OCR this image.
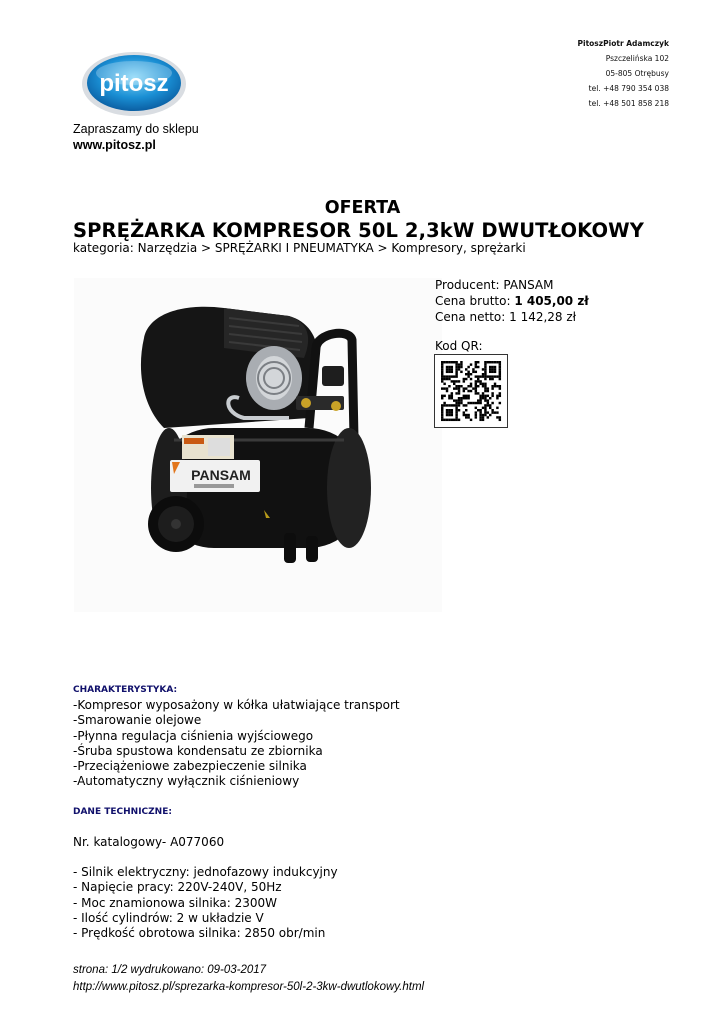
pitosz
PitoszPiotr Adamczyk
Pszczelińska 102
05-805 Otrębusy
tel. +48 790 354 038
tel. +48 501 858 218
Zapraszamy do sklepu
www.pitosz.pl
OFERTA
SPRĘŻARKA KOMPRESOR 50L 2,3kW DWUTŁOKOWY
kategoria: Narzędzia > SPRĘŻARKI I PNEUMATYKA > Kompresory, sprężarki
PANSAM
Producent: PANSAM
Cena brutto: 1 405,00 zł
Cena netto: 1 142,28 zł
Kod QR:
CHARAKTERYSTYKA:
-Kompresor wyposażony w kółka ułatwiające transport
-Smarowanie olejowe
-Płynna regulacja ciśnienia wyjściowego
-Śruba spustowa kondensatu ze zbiornika
-Przeciążeniowe zabezpieczenie silnika
-Automatyczny wyłącznik ciśnieniowy
DANE TECHNICZNE:
Nr. katalogowy- A077060
- Silnik elektryczny: jednofazowy indukcyjny
- Napięcie pracy: 220V-240V, 50Hz
- Moc znamionowa silnika: 2300W
- Ilość cylindrów: 2 w układzie V
- Prędkość obrotowa silnika: 2850 obr/min
strona: 1/2 wydrukowano: 09-03-2017
http://www.pitosz.pl/sprezarka-kompresor-50l-2-3kw-dwutlokowy.html
